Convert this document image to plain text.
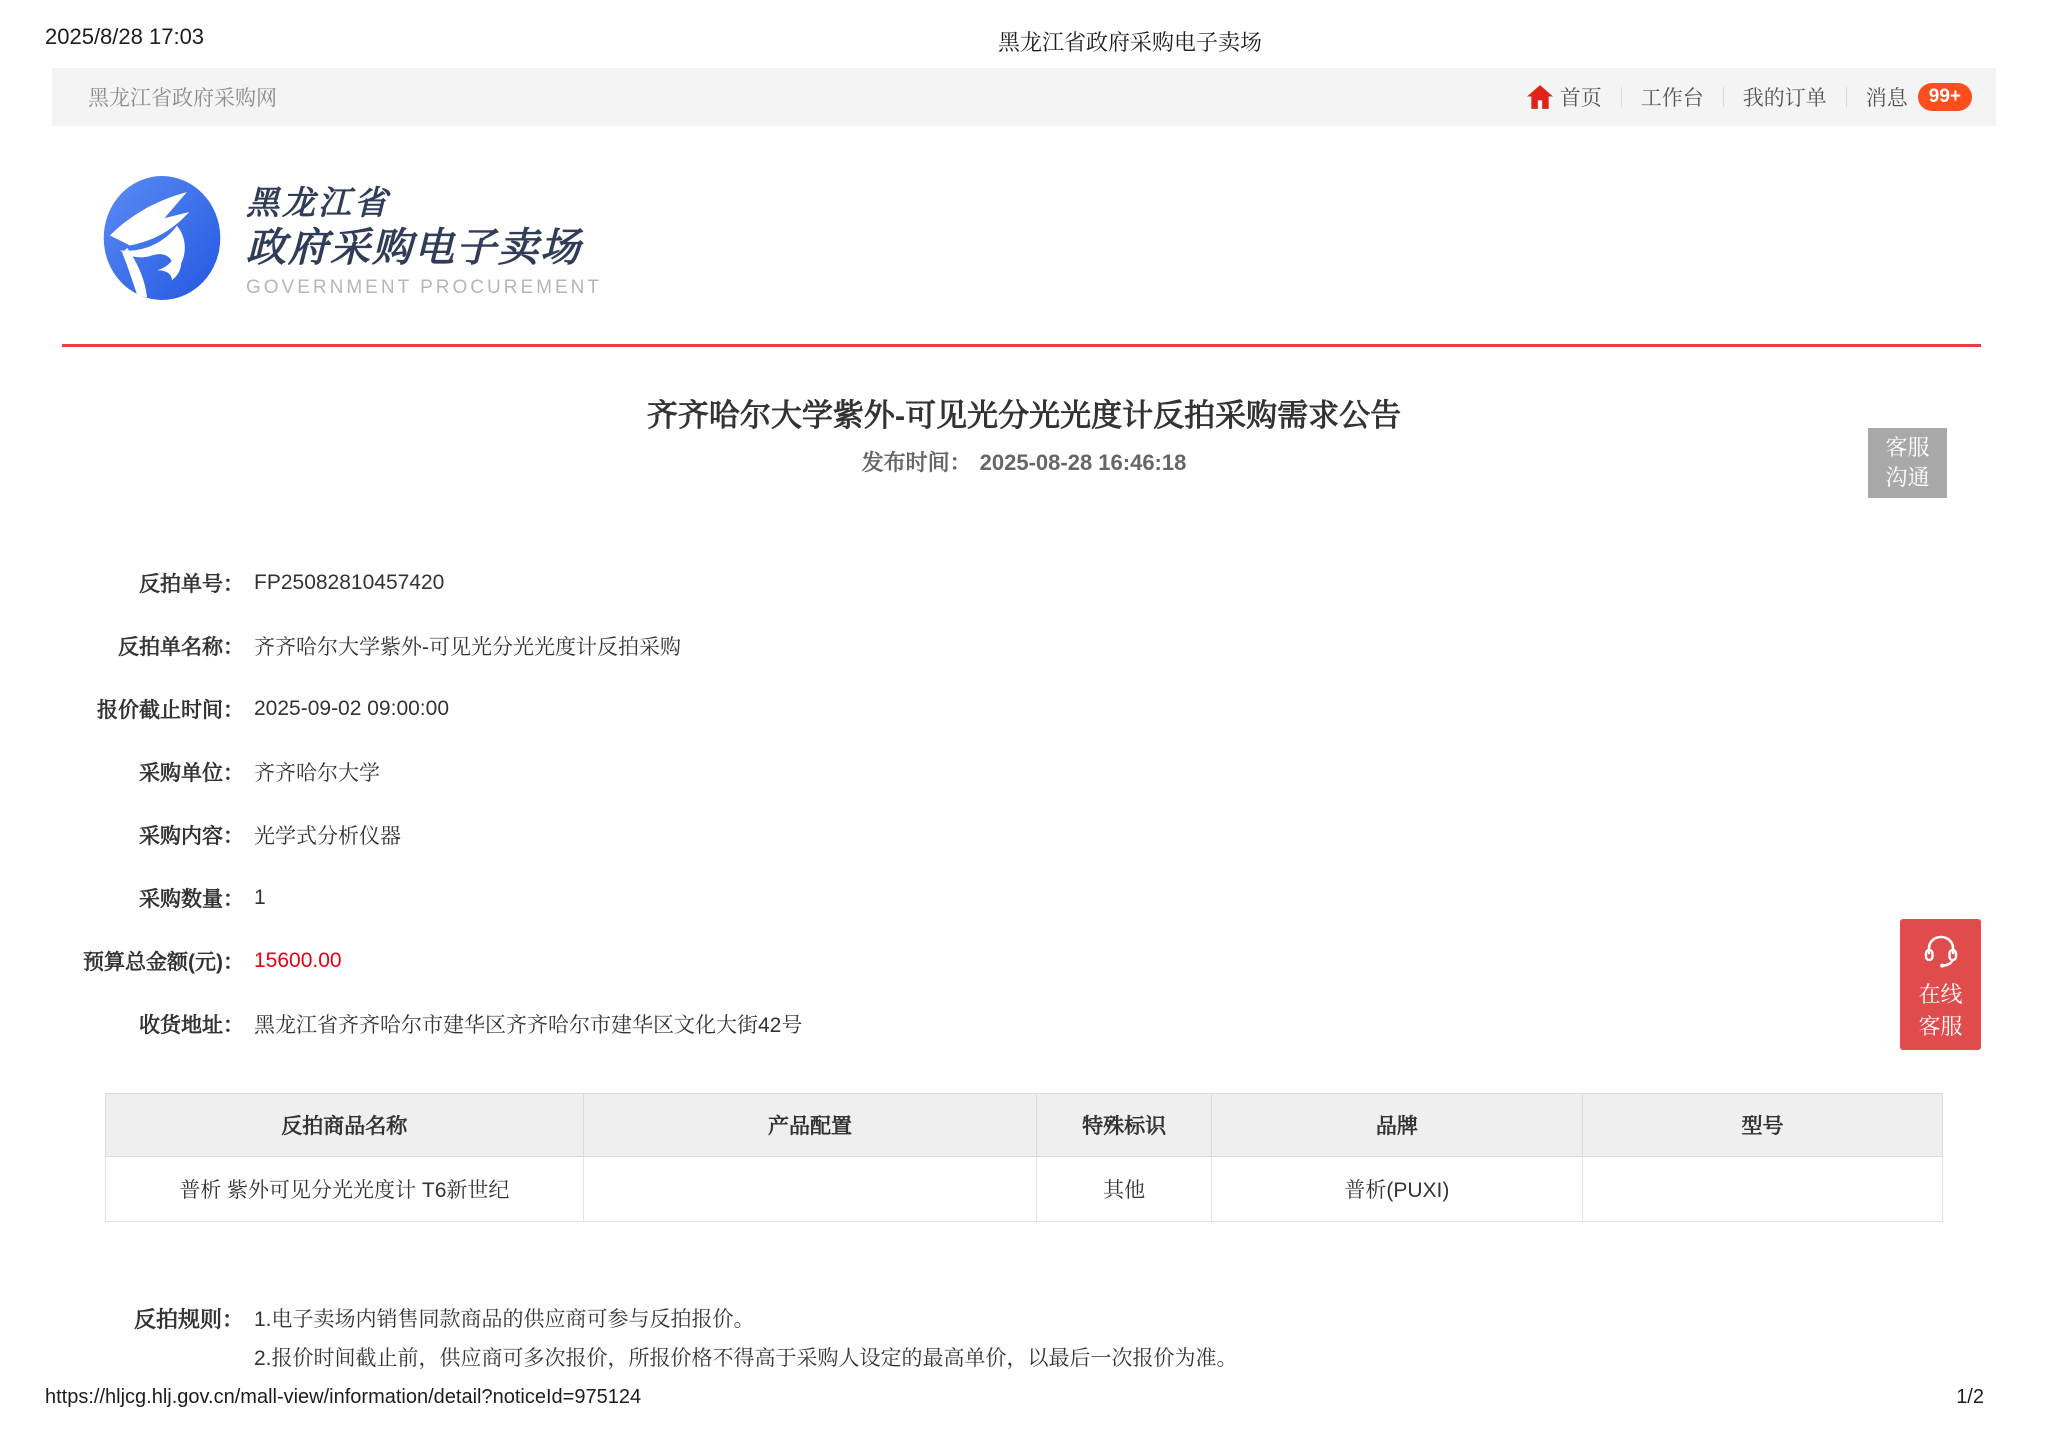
2025/8/28 17:03	黑龙江省政府采购电子卖场
黑龙江省政府采购网	首页 工作台 我的订单 消息	99+
黑龙江省
政府采购电子卖场
GOVERNMENT PROCUREMENT
齐齐哈尔大学紫外-可见光分光光度计反拍采购需求公告
发布时间： 2025-08-28 16:46:18
客服
沟通
反拍单号： FP25082810457420
反拍单名称： 齐齐哈尔大学紫外-可见光分光光度计反拍采购
报价截止时间： 2025-09-02 09:00:00
采购单位： 齐齐哈尔大学
采购内容： 光学式分析仪器
采购数量： 1
预算总金额(元)： 15600.00
收货地址： 黑龙江省齐齐哈尔市建华区齐齐哈尔市建华区文化大街42号
反拍商品名称	产品配置	特殊标识	品牌	型号
普析 紫外可见分光光度计 T6新世纪		其他	普析(PUXI)	
反拍规则： 1.电子卖场内销售同款商品的供应商可参与反拍报价。
2.报价时间截止前，供应商可多次报价，所报价格不得高于采购人设定的最高单价，以最后一次报价为准。
在线
客服
https://hljcg.hlj.gov.cn/mall-view/information/detail?noticeId=975124	1/2
